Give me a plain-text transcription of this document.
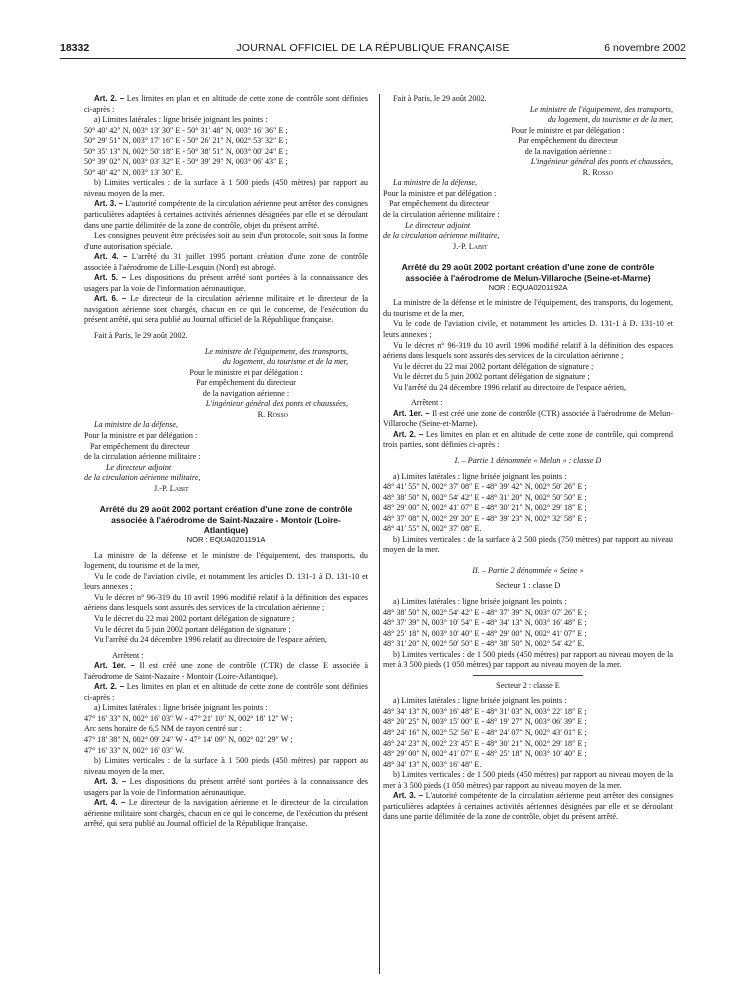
18332	JOURNAL OFFICIEL DE LA RÉPUBLIQUE FRANÇAISE	6 novembre 2002

Art. 2. – Les limites en plan et en altitude de cette zone de contrôle sont définies ci-après :

a) Limites latérales : ligne brisée joignant les points :

50° 40′ 42″ N, 003° 13′ 30″ E - 50° 31′ 48″ N, 003° 16′ 36″ E ;

50° 29′ 51″ N, 003° 17′ 16″ E - 50° 26′ 21″ N, 002° 53′ 32″ E ;

50° 35′ 13″ N, 002° 50′ 18″ E - 50° 38′ 51″ N, 003° 00′ 24″ E ;

50° 39′ 02″ N, 003° 03′ 32″ E - 50° 39′ 29″ N, 003° 06′ 43″ E ;

50° 40′ 42″ N, 003° 13′ 30″ E.

b) Limites verticales : de la surface à 1 500 pieds (450 mètres) par rapport au niveau moyen de la mer.

Art. 3. – L'autorité compétente de la circulation aérienne peut arrêter des consignes particulières adaptées à certaines activités aériennes désignées par elle et se déroulant dans une partie délimitée de la zone de contrôle, objet du présent arrêté.

Les consignes peuvent être précisées soit au sein d'un protocole, soit sous la forme d'une autorisation spéciale.

Art. 4. – L'arrêté du 31 juillet 1995 portant création d'une zone de contrôle associée à l'aérodrome de Lille-Lesquin (Nord) est abrogé.

Art. 5. – Les dispositions du présent arrêté sont portées à la connaissance des usagers par la voie de l'information aéronautique.

Art. 6. – Le directeur de la circulation aérienne militaire et le directeur de la navigation aérienne sont chargés, chacun en ce qui le concerne, de l'exécution du présent arrêté, qui sera publié au Journal officiel de la République française.

Fait à Paris, le 29 août 2002.

Le ministre de l'équipement, des transports,

du logement, du tourisme et de la mer,

Pour le ministre et par délégation :

Par empêchement du directeur

de la navigation aérienne :

L'ingénieur général des ponts et chaussées,

R. Rosso

La ministre de la défense,

Pour la ministre et par délégation :

Par empêchement du directeur

de la circulation aérienne militaire :

Le directeur adjoint

de la circulation aérienne militaire,

J.-P. Labit

Arrêté du 29 août 2002 portant création d'une zone de contrôle associée à l'aérodrome de Saint-Nazaire - Montoir (Loire-Atlantique)

NOR : EQUA0201191A

La ministre de la défense et le ministre de l'équipement, des transports, du logement, du tourisme et de la mer,

Vu le code de l'aviation civile, et notamment les articles D. 131-1 à D. 131-10 et leurs annexes ;

Vu le décret n° 96-319 du 10 avril 1996 modifié relatif à la définition des espaces aériens dans lesquels sont assurés des services de la circulation aérienne ;

Vu le décret du 22 mai 2002 portant délégation de signature ;

Vu le décret du 5 juin 2002 portant délégation de signature ;

Vu l'arrêté du 24 décembre 1996 relatif au directoire de l'espace aérien,

Arrêtent :

Art. 1er. – Il est créé une zone de contrôle (CTR) de classe E associée à l'aérodrome de Saint-Nazaire - Montoir (Loire-Atlantique).

Art. 2. – Les limites en plan et en altitude de cette zone de contrôle sont définies ci-après :

a) Limites latérales : ligne brisée joignant les points :

47° 16′ 33″ N, 002° 16′ 03″ W - 47° 21′ 10″ N, 002° 18′ 12″ W ;

Arc sens horaire de 6,5 NM de rayon centré sur :

47° 18′ 38″ N, 002° 09′ 24″ W - 47° 14′ 09″ N, 002° 02′ 29″ W ;

47° 16′ 33″ N, 002° 16′ 03″ W.

b) Limites verticales : de la surface à 1 500 pieds (450 mètres) par rapport au niveau moyen de la mer.

Art. 3. – Les dispositions du présent arrêté sont portées à la connaissance des usagers par la voie de l'information aéronautique.

Art. 4. – Le directeur de la navigation aérienne et le directeur de la circulation aérienne militaire sont chargés, chacun en ce qui le concerne, de l'exécution du présent arrêté, qui sera publié au Journal officiel de la République française.

Fait à Paris, le 29 août 2002.

Le ministre de l'équipement, des transports,

du logement, du tourisme et de la mer,

Pour le ministre et par délégation :

Par empêchement du directeur

de la navigation aérienne :

L'ingénieur général des ponts et chaussées,

R. Rosso

La ministre de la défense,

Pour la ministre et par délégation :

Par empêchement du directeur

de la circulation aérienne militaire :

Le directeur adjoint

de la circulation aérienne militaire,

J.-P. Labit

Arrêté du 29 août 2002 portant création d'une zone de contrôle associée à l'aérodrome de Melun-Villaroche (Seine-et-Marne)

NOR : EQUA0201192A

La ministre de la défense et le ministre de l'équipement, des transports, du logement, du tourisme et de la mer,

Vu le code de l'aviation civile, et notamment les articles D. 131-1 à D. 131-10 et leurs annexes ;

Vu le décret n° 96-319 du 10 avril 1996 modifié relatif à la définition des espaces aériens dans lesquels sont assurés des services de la circulation aérienne ;

Vu le décret du 22 mai 2002 portant délégation de signature ;

Vu le décret du 5 juin 2002 portant délégation de signature ;

Vu l'arrêté du 24 décembre 1996 relatif au directoire de l'espace aérien,

Arrêtent :

Art. 1er. – Il est créé une zone de contrôle (CTR) associée à l'aérodrome de Melun-Villaroche (Seine-et-Marne).

Art. 2. – Les limites en plan et en altitude de cette zone de contrôle, qui comprend trois parties, sont définies ci-après :

I. – Partie 1 dénommée « Melun » : classe D

a) Limites latérales : ligne brisée joignant les points :

48° 41′ 55″ N, 002° 37′ 08″ E - 48° 39′ 42″ N, 002° 50′ 26″ E ;

48° 38′ 50″ N, 002° 54′ 42″ E - 48° 31′ 20″ N, 002° 50′ 50″ E ;

48° 29′ 00″ N, 002° 41′ 07″ E - 48° 30′ 21″ N, 002° 29′ 18″ E ;

48° 37′ 08″ N, 002° 29′ 20″ E - 48° 39′ 23″ N, 002° 32′ 58″ E ;

48° 41′ 55″ N, 002° 37′ 08″ E.

b) Limites verticales : de la surface à 2 500 pieds (750 mètres) par rapport au niveau moyen de la mer.

II. – Partie 2 dénommée « Seine »

Secteur 1 : classe D

a) Limites latérales : ligne brisée joignant les points :

48° 38′ 50″ N, 002° 54′ 42″ E - 48° 37′ 39″ N, 003° 07′ 26″ E ;

48° 37′ 39″ N, 003° 10′ 54″ E - 48° 34′ 13″ N, 003° 16′ 48″ E ;

48° 25′ 18″ N, 003° 10′ 40″ E - 48° 29′ 00″ N, 002° 41′ 07″ E ;

48° 31′ 20″ N, 002° 50′ 50″ E - 48° 38′ 50″ N, 002° 54′ 42″ E.

b) Limites verticales : de 1 500 pieds (450 mètres) par rapport au niveau moyen de la mer à 3 500 pieds (1 050 mètres) par rapport au niveau moyen de la mer.

Secteur 2 : classe E

a) Limites latérales : ligne brisée joignant les points :

48° 34′ 13″ N, 003° 16′ 48″ E - 48° 31′ 03″ N, 003° 22′ 18″ E ;

48° 20′ 25″ N, 003° 15′ 00″ E - 48° 19′ 27″ N, 003° 06′ 39″ E ;

48° 24′ 16″ N, 002° 52′ 56″ E - 48° 24′ 07″ N, 002° 43′ 01″ E ;

48° 24′ 23″ N, 002° 23′ 45″ E - 48° 30′ 21″ N, 002° 29′ 18″ E ;

48° 29′ 00″ N, 002° 41′ 07″ E - 48° 25′ 18″ N, 003° 10′ 40″ E ;

48° 34′ 13″ N, 003° 16′ 48″ E.

b) Limites verticales : de 1 500 pieds (450 mètres) par rapport au niveau moyen de la mer à 3 500 pieds (1 050 mètres) par rapport au niveau moyen de la mer.

Art. 3. – L'autorité compétente de la circulation aérienne peut arrêter des consignes particulières adaptées à certaines activités aériennes désignées par elle et se déroulant dans une partie délimitée de la zone de contrôle, objet du présent arrêté.
